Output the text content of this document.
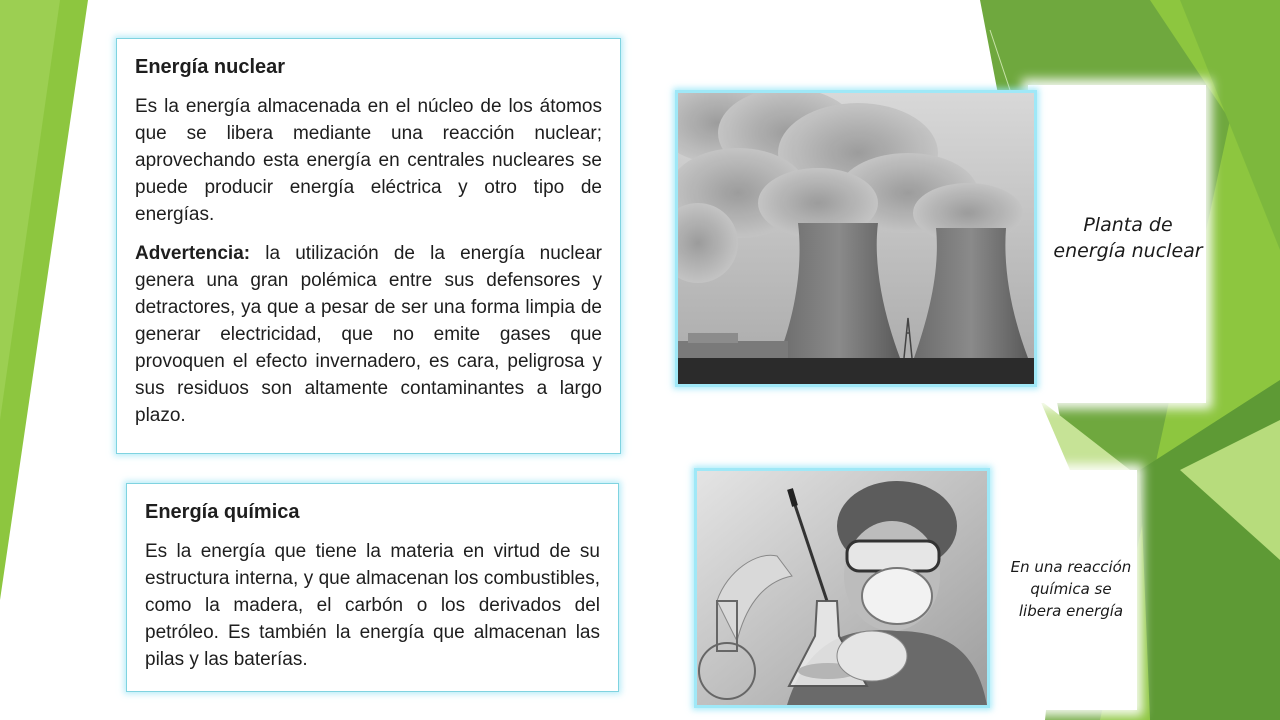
Energía nuclear

Es la energía almacenada en el núcleo de los átomos que se libera mediante una reacción nuclear; aprovechando esta energía en centrales nucleares se puede producir energía eléctrica y otro tipo de energías.

Advertencia: la utilización de la energía nuclear genera una gran polémica entre sus defensores y detractores, ya que a pesar de ser una forma limpia de generar electricidad, que no emite gases que provoquen el efecto invernadero, es cara, peligrosa y sus residuos son altamente contaminantes a largo plazo.

Energía química

Es la energía que tiene la materia en virtud de su estructura interna, y que almacenan los combustibles, como la madera, el carbón o los derivados del petróleo. Es también la energía que almacenan las pilas y las baterías.

Planta de
energía nuclear
En una reacción
química se
libera energía
